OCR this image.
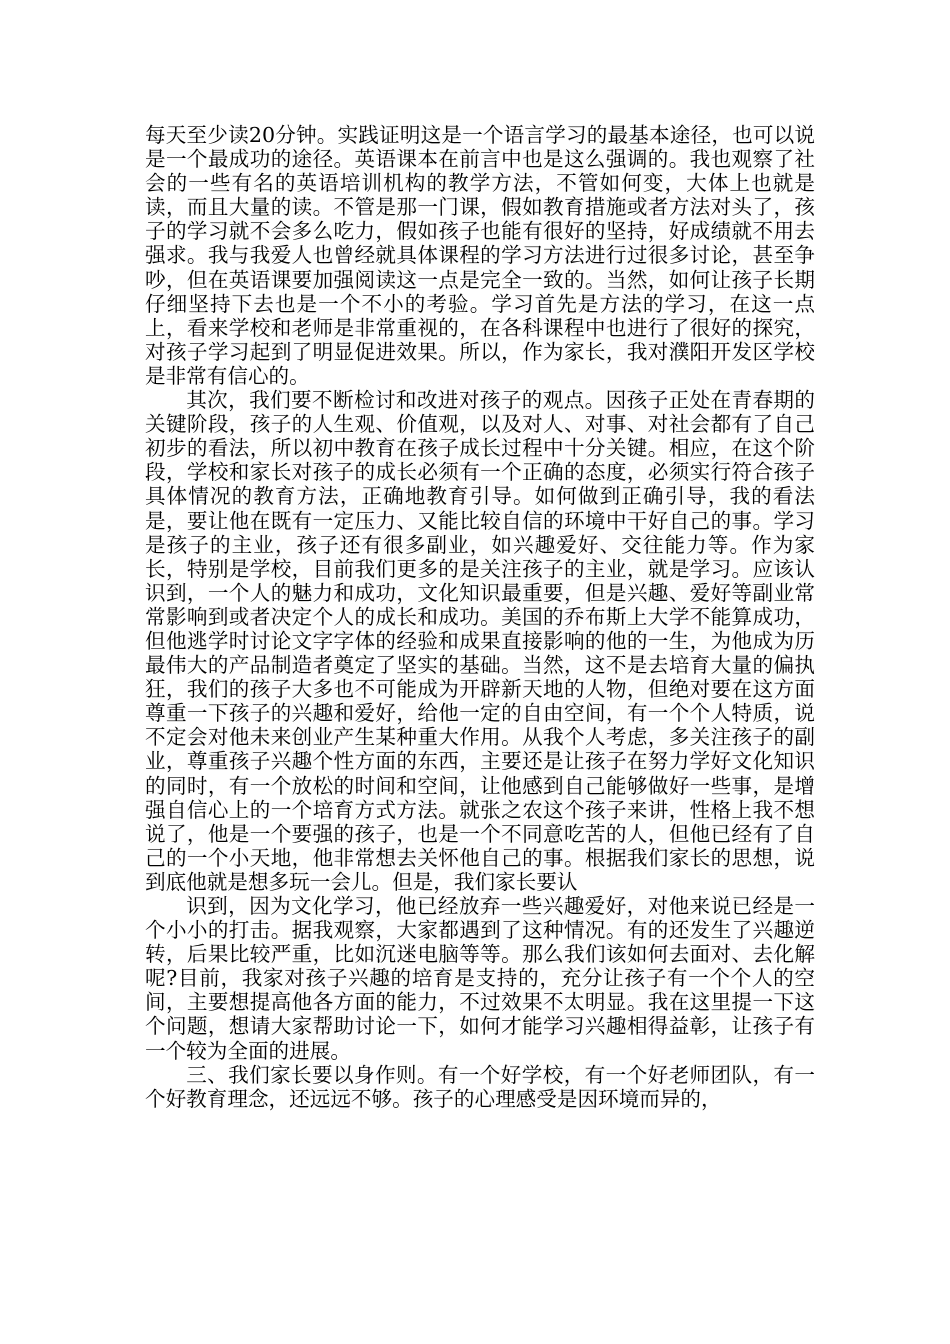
每天至少读20分钟。实践证明这是一个语言学习的最基本途径，也可以说是一个最成功的途径。英语课本在前言中也是这么强调的。我也观察了社会的一些有名的英语培训机构的教学方法，不管如何变，大体上也就是读，而且大量的读。不管是那一门课，假如教育措施或者方法对头了，孩子的学习就不会多么吃力，假如孩子也能有很好的坚持，好成绩就不用去强求。我与我爱人也曾经就具体课程的学习方法进行过很多讨论，甚至争吵，但在英语课要加强阅读这一点是完全一致的。当然，如何让孩子长期仔细坚持下去也是一个不小的考验。学习首先是方法的学习，在这一点上，看来学校和老师是非常重视的，在各科课程中也进行了很好的探究，对孩子学习起到了明显促进效果。所以，作为家长，我对濮阳开发区学校是非常有信心的。

其次，我们要不断检讨和改进对孩子的观点。因孩子正处在青春期的关键阶段，孩子的人生观、价值观，以及对人、对事、对社会都有了自己初步的看法，所以初中教育在孩子成长过程中十分关键。相应，在这个阶段，学校和家长对孩子的成长必须有一个正确的态度，必须实行符合孩子具体情况的教育方法，正确地教育引导。如何做到正确引导，我的看法是，要让他在既有一定压力、又能比较自信的环境中干好自己的事。学习是孩子的主业，孩子还有很多副业，如兴趣爱好、交往能力等。作为家长，特别是学校，目前我们更多的是关注孩子的主业，就是学习。应该认识到，一个人的魅力和成功，文化知识最重要，但是兴趣、爱好等副业常常影响到或者决定个人的成长和成功。美国的乔布斯上大学不能算成功，但他逃学时讨论文字字体的经验和成果直接影响的他的一生，为他成为历最伟大的产品制造者奠定了坚实的基础。当然，这不是去培育大量的偏执狂，我们的孩子大多也不可能成为开辟新天地的人物，但绝对要在这方面尊重一下孩子的兴趣和爱好，给他一定的自由空间，有一个个人特质，说不定会对他未来创业产生某种重大作用。从我个人考虑，多关注孩子的副业，尊重孩子兴趣个性方面的东西，主要还是让孩子在努力学好文化知识的同时，有一个放松的时间和空间，让他感到自己能够做好一些事，是增强自信心上的一个培育方式方法。就张之农这个孩子来讲，性格上我不想说了，他是一个要强的孩子，也是一个不同意吃苦的人，但他已经有了自己的一个小天地，他非常想去关怀他自己的事。根据我们家长的思想，说到底他就是想多玩一会儿。但是，我们家长要认

识到，因为文化学习，他已经放弃一些兴趣爱好，对他来说已经是一个小小的打击。据我观察，大家都遇到了这种情况。有的还发生了兴趣逆转，后果比较严重，比如沉迷电脑等等。那么我们该如何去面对、去化解呢?目前，我家对孩子兴趣的培育是支持的，充分让孩子有一个个人的空间，主要想提高他各方面的能力，不过效果不太明显。我在这里提一下这个问题，想请大家帮助讨论一下，如何才能学习兴趣相得益彰，让孩子有一个较为全面的进展。

三、我们家长要以身作则。有一个好学校，有一个好老师团队，有一个好教育理念，还远远不够。孩子的心理感受是因环境而异的，
